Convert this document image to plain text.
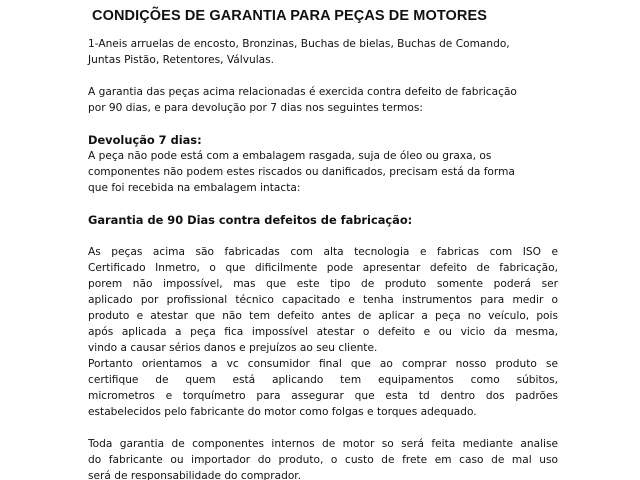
CONDIÇÕES DE GARANTIA PARA PEÇAS DE MOTORES

1-Aneis arruelas de encosto, Bronzinas, Buchas de bielas, Buchas de Comando,
Juntas Pistão, Retentores, Válvulas.

A garantia das peças acima relacionadas é exercida contra defeito de fabricação
por 90 dias, e para devolução por 7 dias nos seguintes termos:

Devolução 7 dias:

A peça não pode está com a embalagem rasgada, suja de óleo ou graxa, os
componentes não podem estes riscados ou danificados, precisam está da forma
que foi recebida na embalagem intacta:

Garantia de 90 Dias contra defeitos de fabricação:

As peças acima são fabricadas com alta tecnologia e fabricas com ISO e
Certificado Inmetro, o que dificilmente pode apresentar defeito de fabricação,
porem não impossível, mas que este tipo de produto somente poderá ser
aplicado por profissional técnico capacitado e tenha instrumentos para medir o
produto e atestar que não tem defeito antes de aplicar a peça no veículo, pois
após aplicada a peça fica impossível atestar o defeito e ou vicio da mesma,
vindo a causar sérios danos e prejuízos ao seu cliente.

Portanto orientamos a vc consumidor final que ao comprar nosso produto se
certifique de quem está aplicando tem equipamentos como súbitos,
micrometros e torquímetro para assegurar que esta td dentro dos padrões
estabelecidos pelo fabricante do motor como folgas e torques adequado.

Toda garantia de componentes internos de motor so será feita mediante analise
do fabricante ou importador do produto, o custo de frete em caso de mal uso
será de responsabilidade do comprador.
